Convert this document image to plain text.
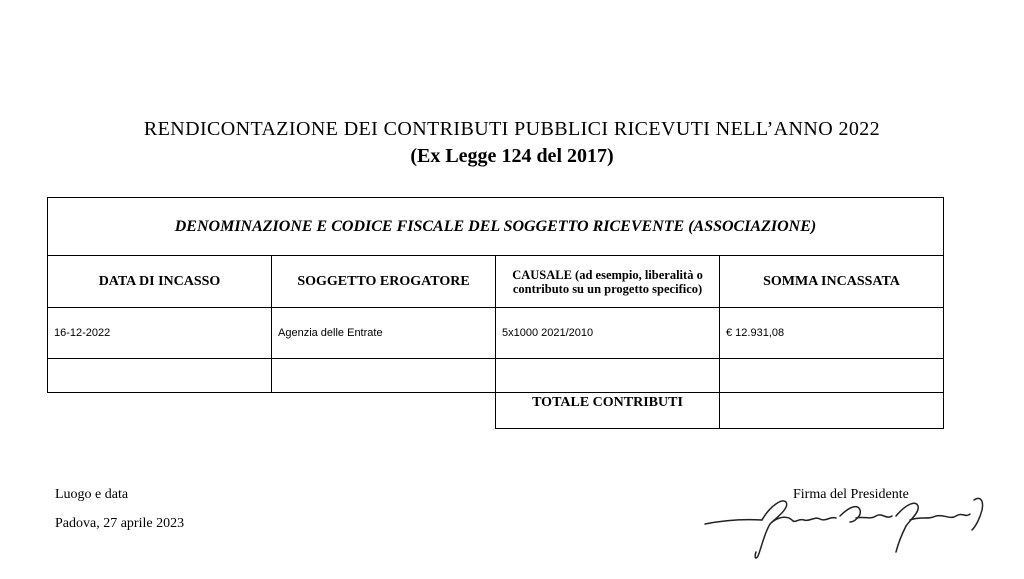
RENDICONTAZIONE DEI CONTRIBUTI PUBBLICI RICEVUTI NELL’ANNO 2022
(Ex Legge 124 del 2017)
DENOMINAZIONE E CODICE FISCALE DEL SOGGETTO RICEVENTE (ASSOCIAZIONE)			
DATA DI INCASSO	SOGGETTO EROGATORE	CAUSALE (ad esempio, liberalità o contributo su un progetto specifico)	SOMMA INCASSATA
16-12-2022	Agenzia delle Entrate	5x1000 2021/2010	€ 12.931,08

		TOTALE CONTRIBUTI	
Luogo e data
Padova, 27 aprile 2023
Firma del Presidente
